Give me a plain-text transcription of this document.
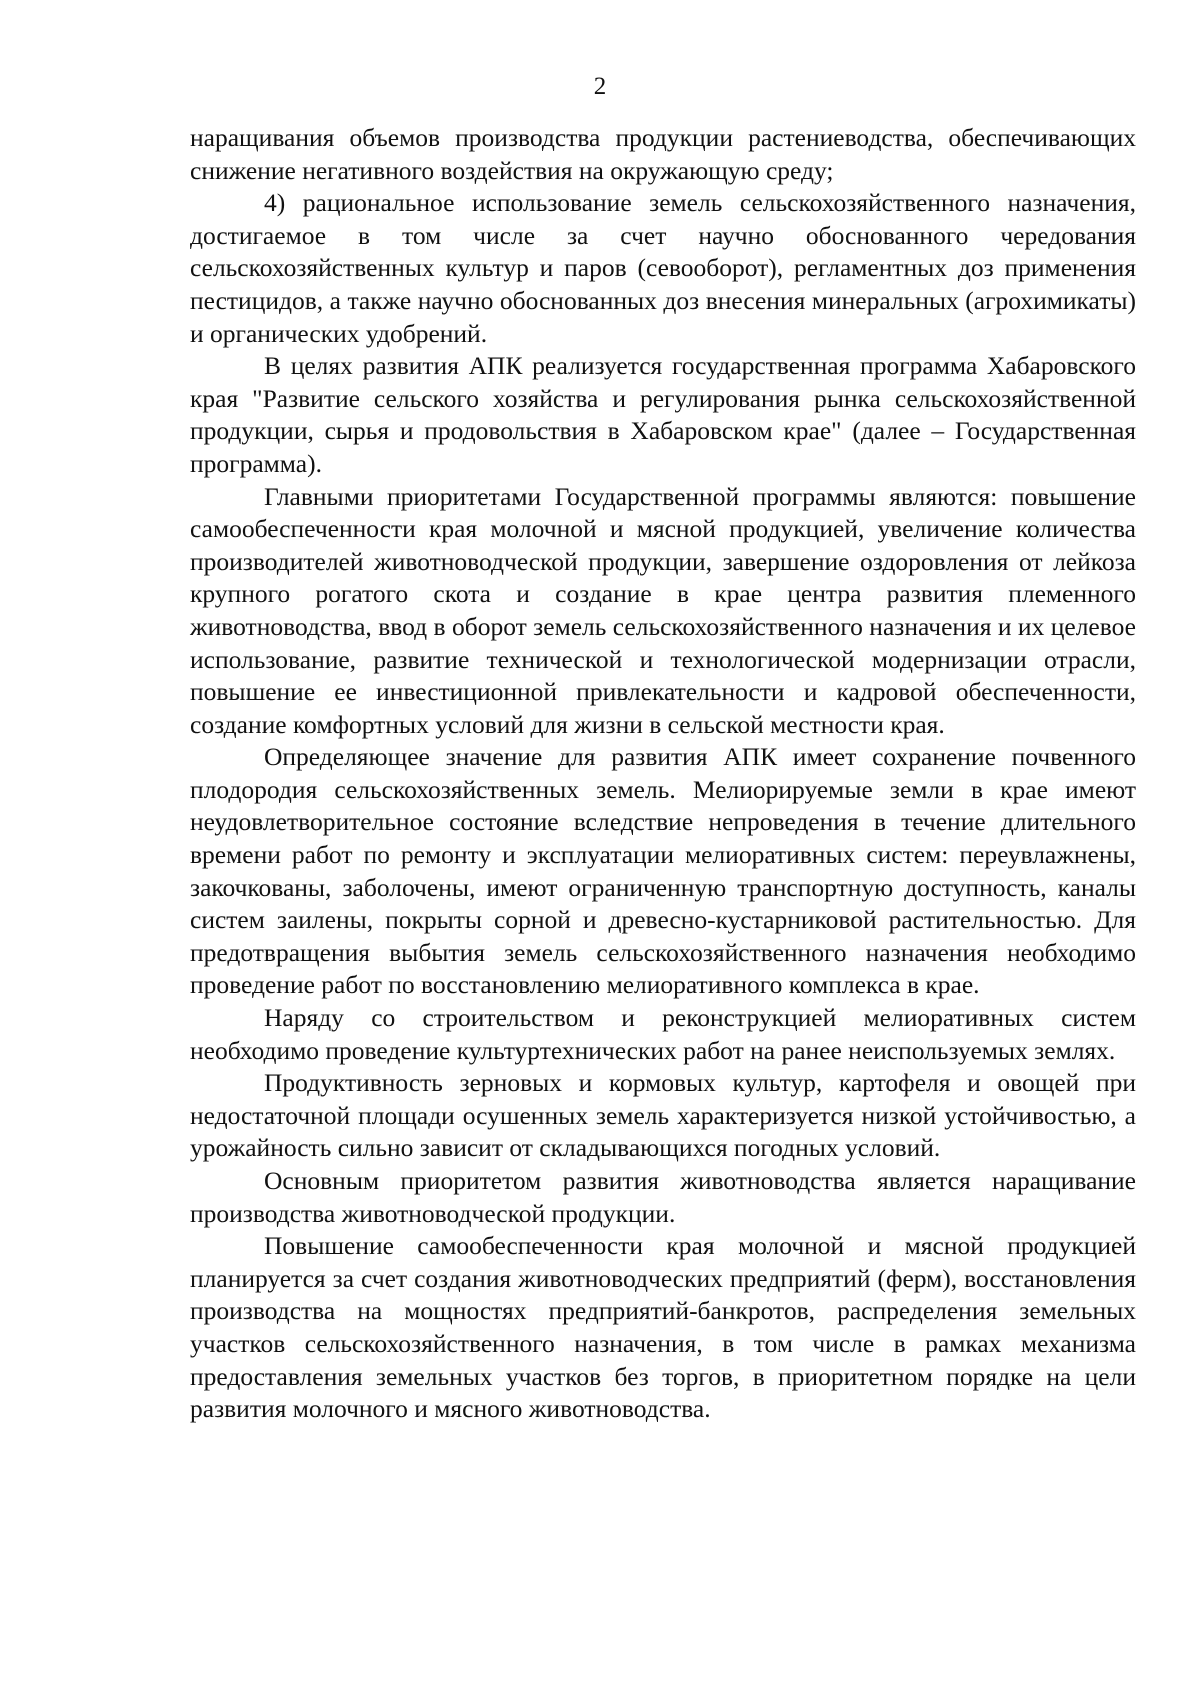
2

наращивания объемов производства продукции растениеводства, обеспечивающих снижение негативного воздействия на окружающую среду;

4) рациональное использование земель сельскохозяйственного назначения, достигаемое в том числе за счет научно обоснованного чередования сельскохозяйственных культур и паров (севооборот), регламентных доз применения пестицидов, а также научно обоснованных доз внесения минеральных (агрохимикаты) и органических удобрений.

В целях развития АПК реализуется государственная программа Хабаровского края "Развитие сельского хозяйства и регулирования рынка сельскохозяйственной продукции, сырья и продовольствия в Хабаровском крае" (далее – Государственная программа).

Главными приоритетами Государственной программы являются: повышение самообеспеченности края молочной и мясной продукцией, увеличение количества производителей животноводческой продукции, завершение оздоровления от лейкоза крупного рогатого скота и создание в крае центра развития племенного животноводства, ввод в оборот земель сельскохозяйственного назначения и их целевое использование, развитие технической и технологической модернизации отрасли, повышение ее инвестиционной привлекательности и кадровой обеспеченности, создание комфортных условий для жизни в сельской местности края.

Определяющее значение для развития АПК имеет сохранение почвенного плодородия сельскохозяйственных земель. Мелиорируемые земли в крае имеют неудовлетворительное состояние вследствие непроведения в течение длительного времени работ по ремонту и эксплуатации мелиоративных систем: переувлажнены, закочкованы, заболочены, имеют ограниченную транспортную доступность, каналы систем заилены, покрыты сорной и древесно-кустарниковой растительностью. Для предотвращения выбытия земель сельскохозяйственного назначения необходимо проведение работ по восстановлению мелиоративного комплекса в крае.

Наряду со строительством и реконструкцией мелиоративных систем необходимо проведение культуртехнических работ на ранее неиспользуемых землях.

Продуктивность зерновых и кормовых культур, картофеля и овощей при недостаточной площади осушенных земель характеризуется низкой устойчивостью, а урожайность сильно зависит от складывающихся погодных условий.

Основным приоритетом развития животноводства является наращивание производства животноводческой продукции.

Повышение самообеспеченности края молочной и мясной продукцией планируется за счет создания животноводческих предприятий (ферм), восстановления производства на мощностях предприятий-банкротов, распределения земельных участков сельскохозяйственного назначения, в том числе в рамках механизма предоставления земельных участков без торгов, в приоритетном порядке на цели развития молочного и мясного животноводства.
